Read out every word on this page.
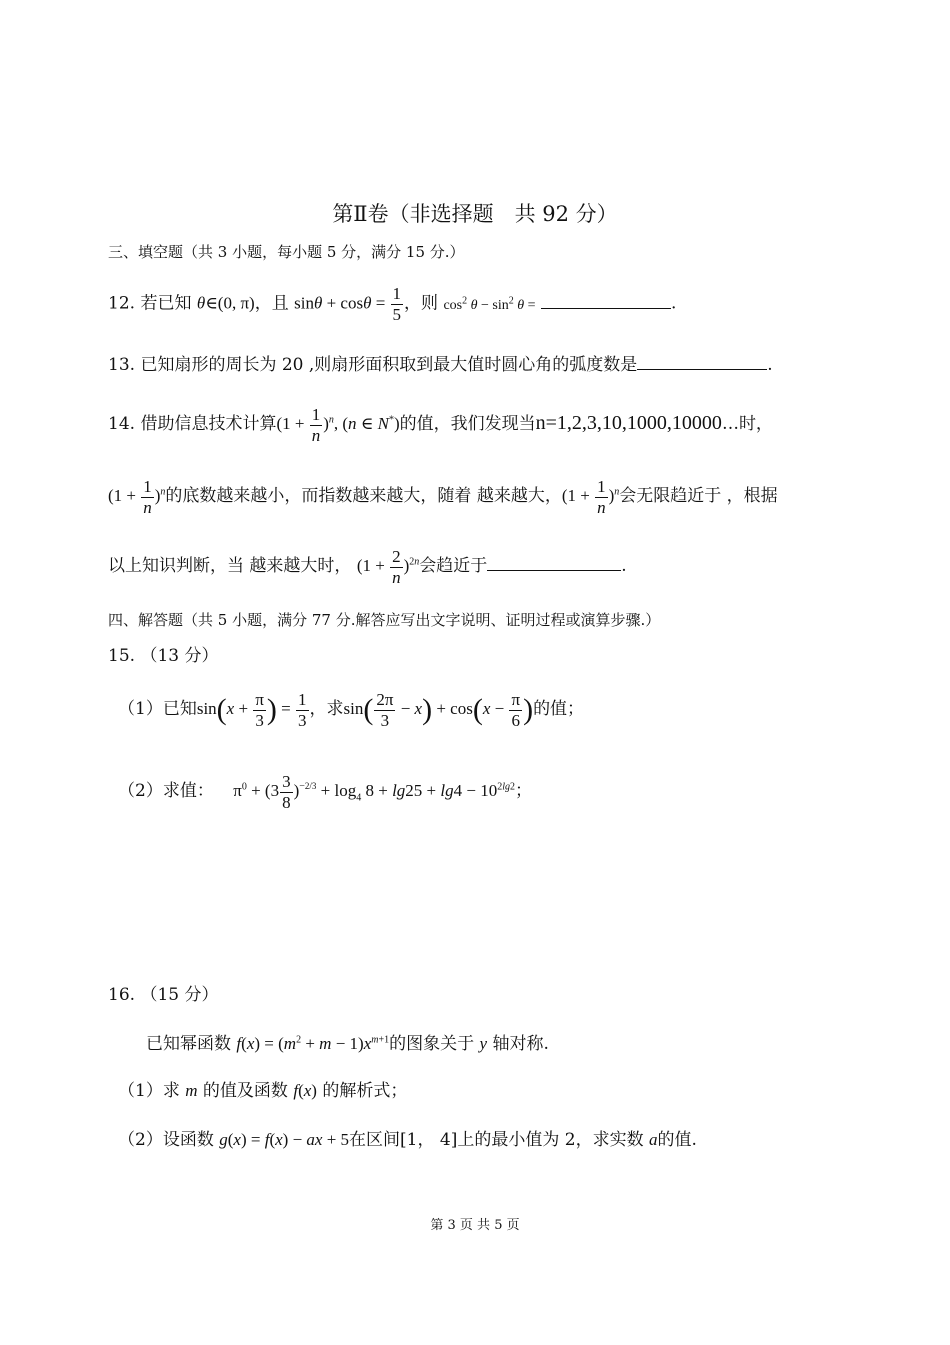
第Ⅱ卷（非选择题　共 92 分）
三、填空题（共 3 小题，每小题 5 分，满分 15 分.）
12. 若已知 θ∈(0, π)，且 $\sin\theta + \cos\theta = \frac{1}{5}$ ，则 $\cos^2 \theta - \sin^2 \theta$ =	.
13. 已知扇形的周长为 20 ,则扇形面积取到最大值时圆心角的弧度数是	.
14. 借助信息技术计算$(1 + \frac{1}{n} )^n$, (n ∈ N*)的值，我们发现当n=1,2,3,10,1000,10000…时，
$(1 + \frac{1}{n} )^n$的底数越来越小，而指数越来越大，随着 越来越大，$(1 + \frac{1}{n} )^n$会无限趋近于 ，根据
以上知识判断，当 越来越大时， $(1 + \frac{2}{n} )^{2n}$会趋近于	.
四、解答题（共 5 小题，满分 77 分.解答应写出文字说明、证明过程或演算步骤.）
15. （13 分）
（1）已知$\sin(x + \frac{\pi}{3}$ ) = $\frac{1}{3}$ ，求$\sin( \frac{2\pi}{3} - x) + \cos(x - \frac{\pi}{6}$ )的值；
（2）求值： $\pi^0 + (3 \frac{3}{8} )^{-2/3} + \log_4 8 + \lg 25 + \lg 4 - 10^{2lg2}$；
16. （15 分）
已知幂函数 $f(x) = (m^2 + m - 1)x^{m+1}$的图象关于 y 轴对称.
（1）求 m 的值及函数 f(x) 的解析式；
（2）设函数 g(x) = f(x) − ax + 5在区间[1， 4]上的最小值为 2，求实数 a的值.
第 3 页 共 5 页
